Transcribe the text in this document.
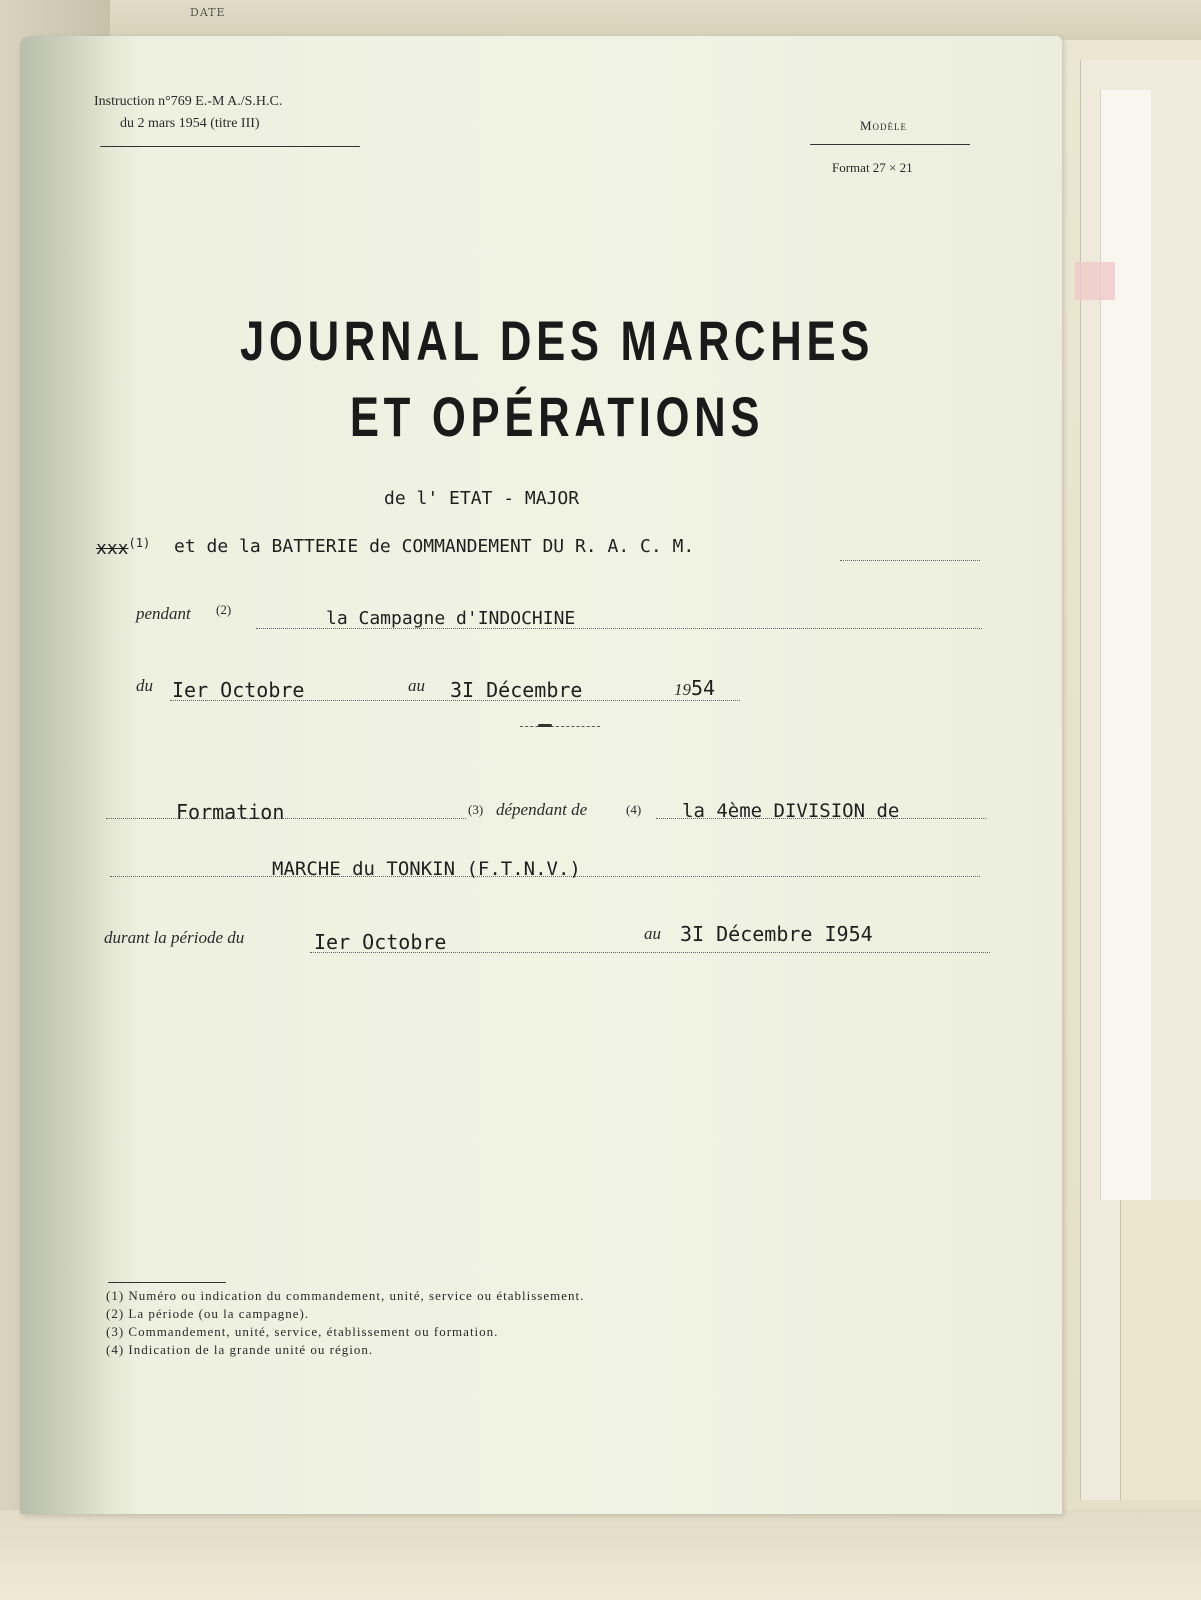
DATE
Instruction n°769 E.-M A./S.H.C.
du 2 mars 1954 (titre III)	Modèle
Format 27 × 21
JOURNAL DES MARCHES
ET OPÉRATIONS
de l' ETAT - MAJOR
xxx$^{(1)}$ et de la BATTERIE de COMMANDEMENT DU R. A. C. M.
pendant (2)	la Campagne d'INDOCHINE
du Ier Octobre	au 3I Décembre	1954
Formation	(3) dépendant de	(4) la 4ème DIVISION de
MARCHE du TONKIN (F.T.N.V.)
durant la période du	Ier Octobre	au 3I Décembre I954
(1) Numéro ou indication du commandement, unité, service ou établissement.
(2) La période (ou la campagne).
(3) Commandement, unité, service, établissement ou formation.
(4) Indication de la grande unité ou région.
